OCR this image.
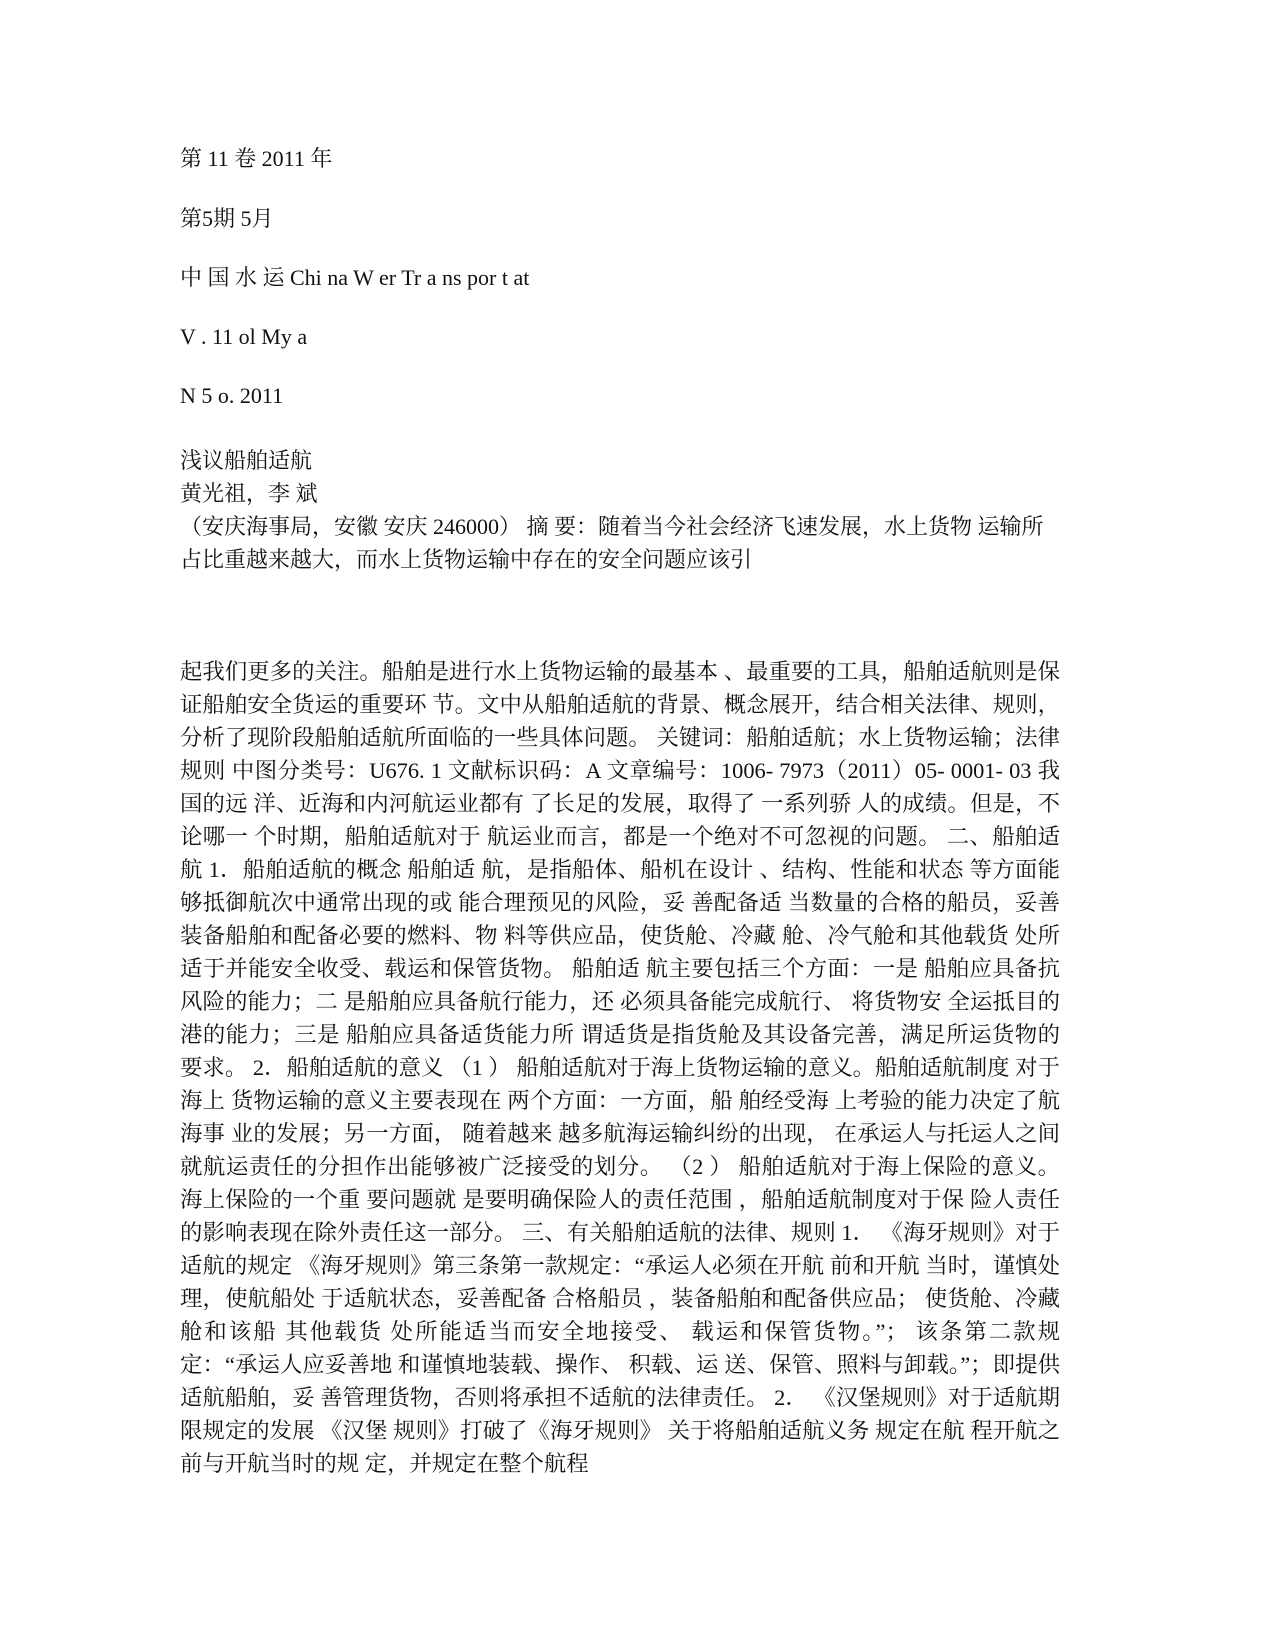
第 11 卷 2011 年
第5期 5月
中 国 水 运 Chi na W er Tr a ns por t at
V . 11 ol My a
N 5 o. 2011
浅议船舶适航
黄光祖，李 斌
（安庆海事局，安徽 安庆 246000） 摘 要：随着当今社会经济飞速发展，水上货物 运输所占比重越来越大，而水上货物运输中存在的安全问题应该引

起我们更多的关注。船舶是进行水上货物运输的最基本 、最重要的工具，船舶适航则是保证船舶安全货运的重要环 节。文中从船舶适航的背景、概念展开，结合相关法律、规则，分析了现阶段船舶适航所面临的一些具体问题。 关键词：船舶适航；水上货物运输；法律规则 中图分类号：U676. 1 文献标识码：A 文章编号：1006- 7973（2011）05- 0001- 03 我国的远 洋、近海和内河航运业都有 了长足的发展，取得了 一系列骄 人的成绩。但是，不论哪一 个时期，船舶适航对于 航运业而言，都是一个绝对不可忽视的问题。 二、船舶适航 1．船舶适航的概念 船舶适 航，是指船体、船机在设计 、结构、性能和状态 等方面能 够抵御航次中通常出现的或 能合理预见的风险，妥 善配备适 当数量的合格的船员，妥善 装备船舶和配备必要的燃料、物 料等供应品，使货舱、冷藏 舱、冷气舱和其他载货 处所适于并能安全收受、载运和保管货物。 船舶适 航主要包括三个方面：一是 船舶应具备抗风险的能力；二 是船舶应具备航行能力，还 必须具备能完成航行、 将货物安 全运抵目的港的能力；三是 船舶应具备适货能力所 谓适货是指货舱及其设备完善，满足所运货物的要求。 2．船舶适航的意义 （1 ） 船舶适航对于海上货物运输的意义。船舶适航制度 对于海上 货物运输的意义主要表现在 两个方面：一方面，船 舶经受海 上考验的能力决定了航海事 业的发展；另一方面， 随着越来 越多航海运输纠纷的出现， 在承运人与托运人之间 就航运责任的分担作出能够被广泛接受的划分。 （2 ） 船舶适航对于海上保险的意义。 海上保险的一个重 要问题就 是要明确保险人的责任范围 ，船舶适航制度对于保 险人责任的影响表现在除外责任这一部分。 三、有关船舶适航的法律、规则 1． 《海牙规则》对于适航的规定 《海牙规则》第三条第一款规定：“承运人必须在开航 前和开航 当时，谨慎处理，使航船处 于适航状态，妥善配备 合格船员 ，装备船舶和配备供应品； 使货舱、冷藏舱和该船 其他载货 处所能适当而安全地接受、 载运和保管货物。”； 该条第二款规定：“承运人应妥善地 和谨慎地装载、操作、 积载、运 送、保管、照料与卸载。”；即提供适航船舶，妥 善管理货物，否则将承担不适航的法律责任。 2． 《汉堡规则》对于适航期限规定的发展 《汉堡 规则》打破了《海牙规则》 关于将船舶适航义务 规定在航 程开航之前与开航当时的规 定，并规定在整个航程
